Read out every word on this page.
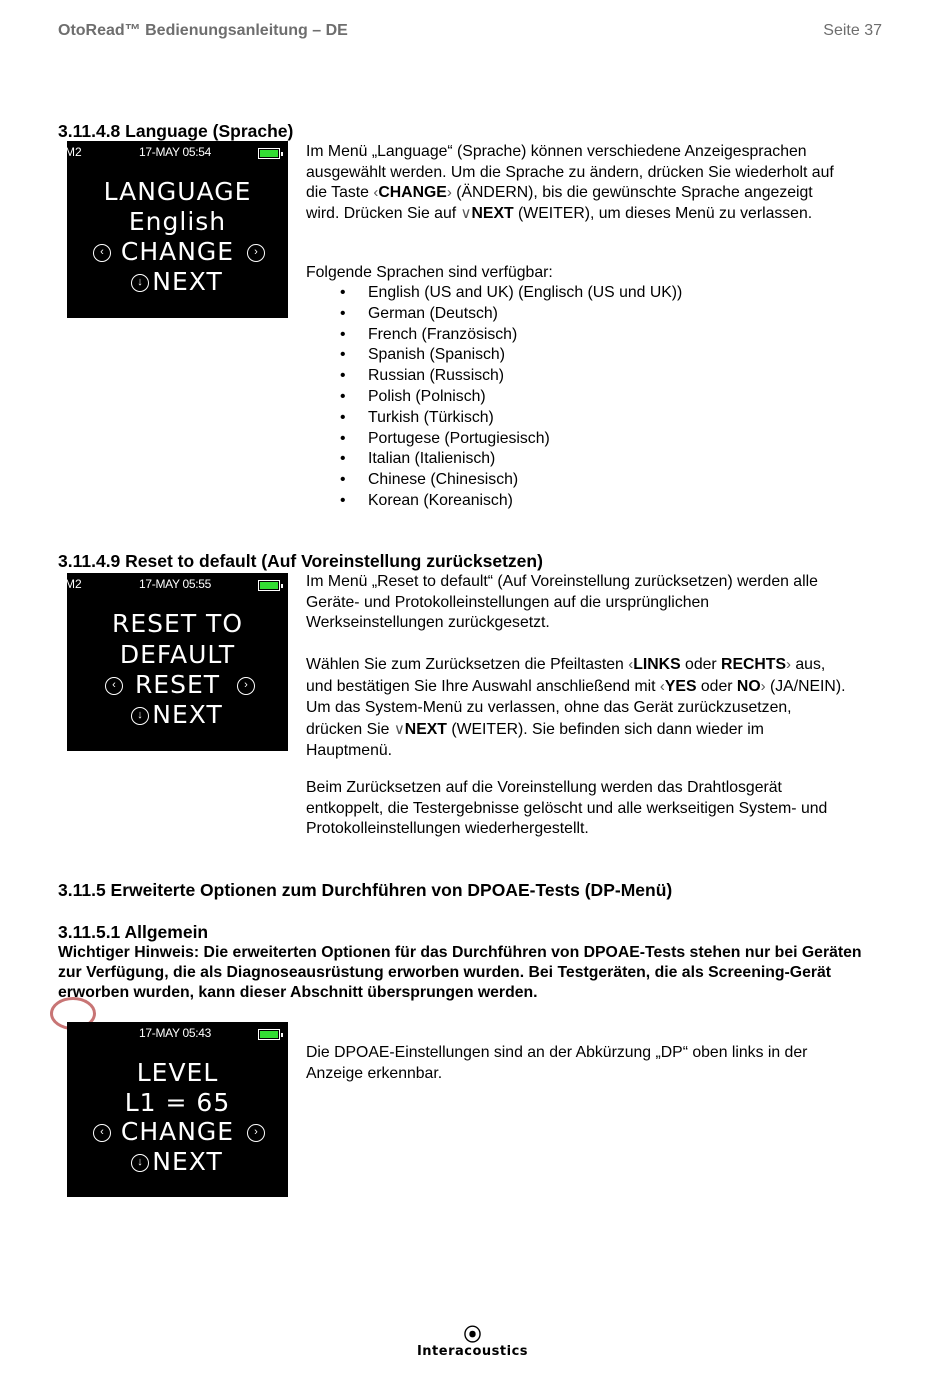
OtoRead™ Bedienungsanleitung – DE	Seite 37
3.11.4.8 Language (Sprache)
M2	17-MAY 05:54
LANGUAGE
English
‹ CHANGE	›
↓ NEXT

Im Menü „Language“ (Sprache) können verschiedene Anzeigesprachen ausgewählt werden. Um die Sprache zu ändern, drücken Sie wiederholt auf die Taste ‹CHANGE› (ÄNDERN), bis die gewünschte Sprache angezeigt wird. Drücken Sie auf ∨NEXT (WEITER), um dieses Menü zu verlassen.

Folgende Sprachen sind verfügbar:
• English (US and UK) (Englisch (US und UK))
• German (Deutsch)
• French (Französisch)
• Spanish (Spanisch)
• Russian (Russisch)
• Polish (Polnisch)
• Turkish (Türkisch)
• Portugese (Portugiesisch)
• Italian (Italienisch)
• Chinese (Chinesisch)
• Korean (Koreanisch)
3.11.4.9 Reset to default (Auf Voreinstellung zurücksetzen)
M2	17-MAY 05:55
RESET TO
DEFAULT
‹ RESET	›
↓ NEXT
Im Menü „Reset to default“ (Auf Voreinstellung zurücksetzen) werden alle Geräte- und Protokolleinstellungen auf die ursprünglichen Werkseinstellungen zurückgesetzt.

Wählen Sie zum Zurücksetzen die Pfeiltasten ‹LINKS oder RECHTS› aus, und bestätigen Sie Ihre Auswahl anschließend mit ‹YES oder NO› (JA/NEIN). Um das System-Menü zu verlassen, ohne das Gerät zurückzusetzen, drücken Sie ∨NEXT (WEITER). Sie befinden sich dann wieder im Hauptmenü.

Beim Zurücksetzen auf die Voreinstellung werden das Drahtlosgerät entkoppelt, die Testergebnisse gelöscht und alle werkseitigen System- und Protokolleinstellungen wiederhergestellt.
3.11.5 Erweiterte Optionen zum Durchführen von DPOAE-Tests (DP-Menü)
3.11.5.1 Allgemein
Wichtiger Hinweis: Die erweiterten Optionen für das Durchführen von DPOAE-Tests stehen nur bei Geräten zur Verfügung, die als Diagnoseausrüstung erworben wurden. Bei Testgeräten, die als Screening-Gerät erworben wurden, kann dieser Abschnitt übersprungen werden.
17-MAY 05:43
LEVEL
L1 = 65
‹ CHANGE	›
↓ NEXT
Die DPOAE-Einstellungen sind an der Abkürzung „DP“ oben links in der Anzeige erkennbar.
⦿
Interacoustics
